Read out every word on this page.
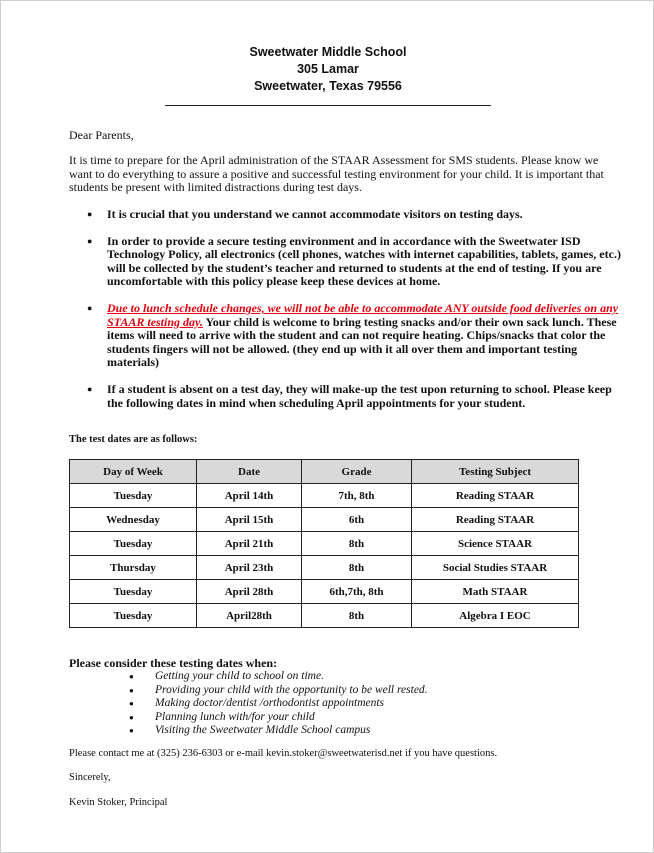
Sweetwater Middle School
305 Lamar
Sweetwater, Texas 79556
Dear Parents,
It is time to prepare for the April administration of the STAAR Assessment for SMS students. Please know we want to do everything to assure a positive and successful testing environment for your child. It is important that students be present with limited distractions during test days.
● It is crucial that you understand we cannot accommodate visitors on testing days.
● In order to provide a secure testing environment and in accordance with the Sweetwater ISD Technology Policy, all electronics (cell phones, watches with internet capabilities, tablets, games, etc.) will be collected by the student’s teacher and returned to students at the end of testing. If you are uncomfortable with this policy please keep these devices at home.
● Due to lunch schedule changes, we will not be able to accommodate ANY outside food deliveries on any STAAR testing day. Your child is welcome to bring testing snacks and/or their own sack lunch. These items will need to arrive with the student and can not require heating. Chips/snacks that color the students fingers will not be allowed. (they end up with it all over them and important testing materials)
● If a student is absent on a test day, they will make-up the test upon returning to school. Please keep the following dates in mind when scheduling April appointments for your student.
The test dates are as follows:
Day of Week	Date	Grade	Testing Subject
Tuesday	April 14th	7th, 8th	Reading STAAR
Wednesday	April 15th	6th	Reading STAAR
Tuesday	April 21th	8th	Science STAAR
Thursday	April 23th	8th	Social Studies STAAR
Tuesday	April 28th	6th,7th, 8th	Math STAAR
Tuesday	April28th	8th	Algebra I EOC
Please consider these testing dates when:
● Getting your child to school on time.
● Providing your child with the opportunity to be well rested.
● Making doctor/dentist /orthodontist appointments
● Planning lunch with/for your child
● Visiting the Sweetwater Middle School campus
Please contact me at (325) 236-6303 or e-mail kevin.stoker@sweetwaterisd.net if you have questions.
Sincerely,
Kevin Stoker, Principal
